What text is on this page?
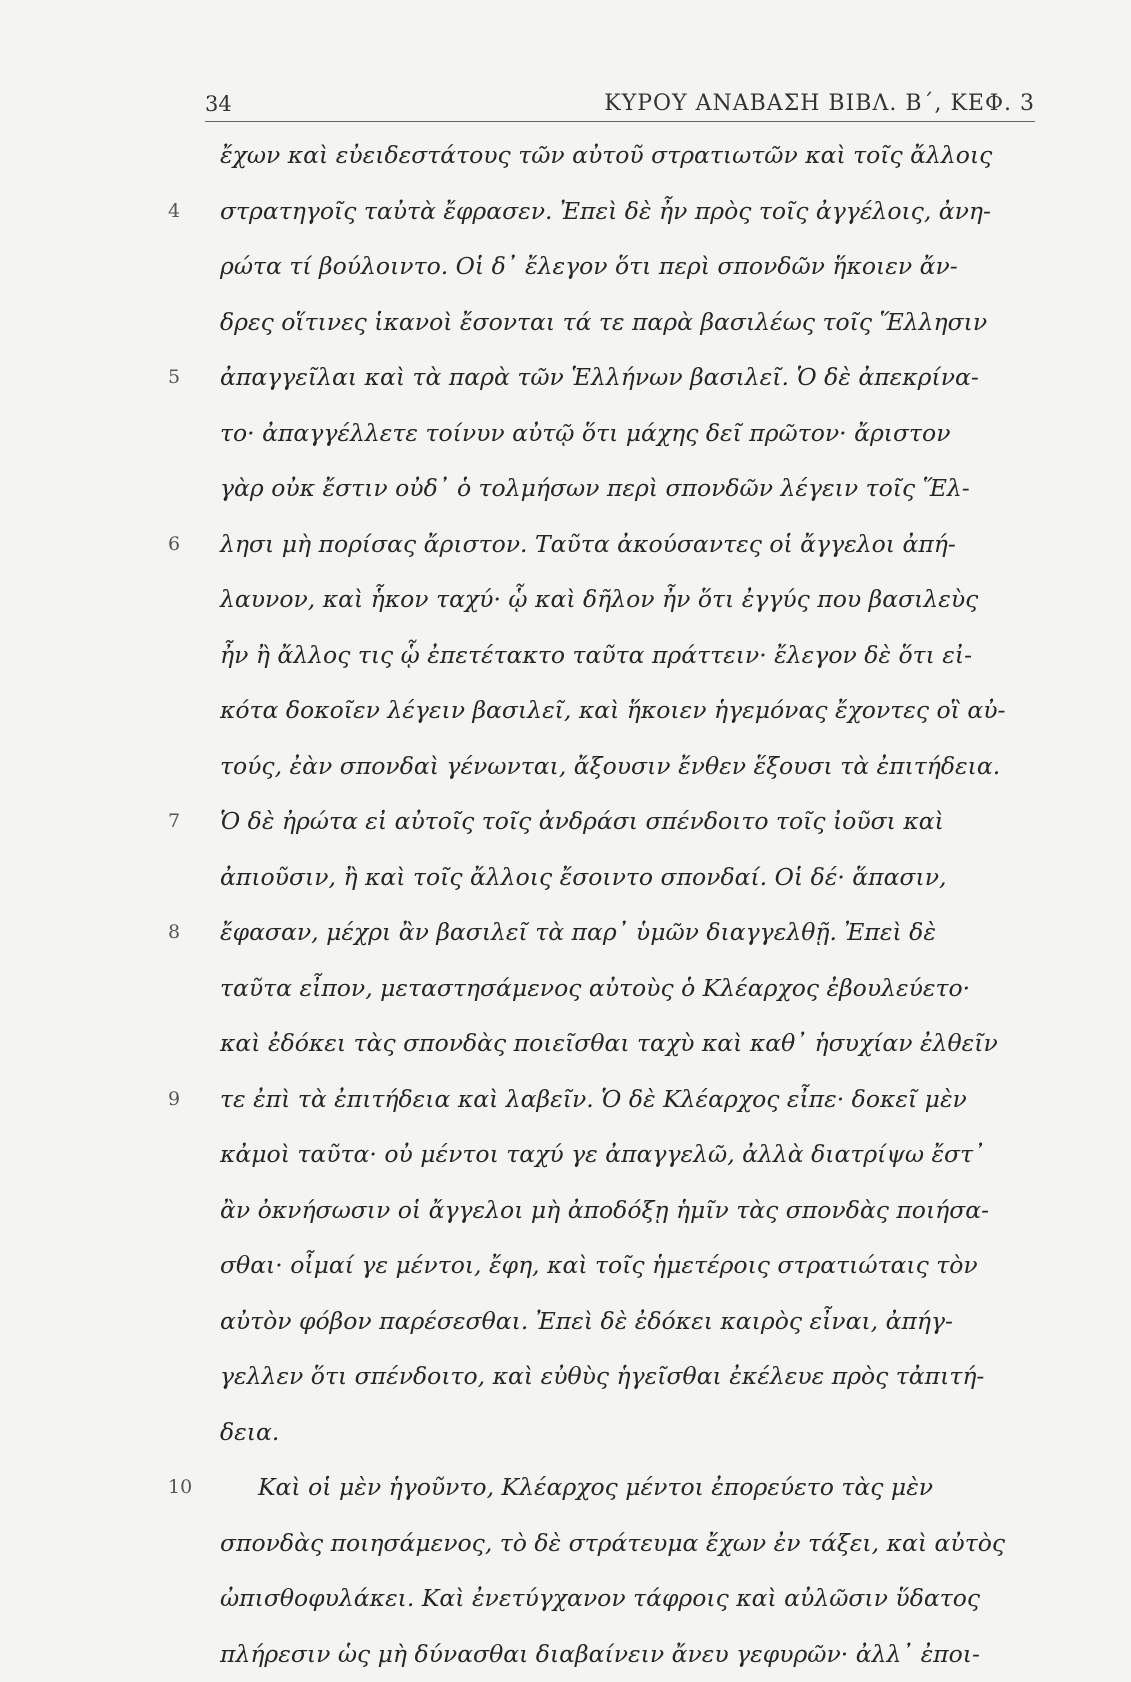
34	ΚΥΡΟΥ ΑΝΑΒΑΣΗ ΒΙΒΛ. Β΄, ΚΕΦ. 3
ἔχων καὶ εὐειδεστάτους τῶν αὐτοῦ στρατιωτῶν καὶ τοῖς ἄλλοις
4 στρατηγοῖς ταὐτὰ ἔφρασεν. Ἐπεὶ δὲ ἦν πρὸς τοῖς ἀγγέλοις, ἀνη-
ρώτα τί βούλοιντο. Οἱ δ᾽ ἔλεγον ὅτι περὶ σπονδῶν ἥκοιεν ἄν-
δρες οἵτινες ἱκανοὶ ἔσονται τά τε παρὰ βασιλέως τοῖς Ἕλλησιν
5 ἀπαγγεῖλαι καὶ τὰ παρὰ τῶν Ἑλλήνων βασιλεῖ. Ὁ δὲ ἀπεκρίνα-
το· ἀπαγγέλλετε τοίνυν αὐτῷ ὅτι μάχης δεῖ πρῶτον· ἄριστον
γὰρ οὐκ ἔστιν οὐδ᾽ ὁ τολμήσων περὶ σπονδῶν λέγειν τοῖς Ἕλ-
6 λησι μὴ πορίσας ἄριστον. Ταῦτα ἀκούσαντες οἱ ἄγγελοι ἀπή-
λαυνον, καὶ ἧκον ταχύ· ᾧ καὶ δῆλον ἦν ὅτι ἐγγύς που βασιλεὺς
ἦν ἢ ἄλλος τις ᾧ ἐπετέτακτο ταῦτα πράττειν· ἔλεγον δὲ ὅτι εἰ-
κότα δοκοῖεν λέγειν βασιλεῖ, καὶ ἥκοιεν ἡγεμόνας ἔχοντες οἳ αὐ-
τούς, ἐὰν σπονδαὶ γένωνται, ἄξουσιν ἔνθεν ἕξουσι τὰ ἐπιτήδεια.
7 Ὁ δὲ ἠρώτα εἰ αὐτοῖς τοῖς ἀνδράσι σπένδοιτο τοῖς ἰοῦσι καὶ
ἀπιοῦσιν, ἢ καὶ τοῖς ἄλλοις ἔσοιντο σπονδαί. Οἱ δέ· ἅπασιν,
8 ἔφασαν, μέχρι ἂν βασιλεῖ τὰ παρ᾽ ὑμῶν διαγγελθῇ. Ἐπεὶ δὲ
ταῦτα εἶπον, μεταστησάμενος αὐτοὺς ὁ Κλέαρχος ἐβουλεύετο·
καὶ ἐδόκει τὰς σπονδὰς ποιεῖσθαι ταχὺ καὶ καθ᾽ ἡσυχίαν ἐλθεῖν
9 τε ἐπὶ τὰ ἐπιτήδεια καὶ λαβεῖν. Ὁ δὲ Κλέαρχος εἶπε· δοκεῖ μὲν
κἀμοὶ ταῦτα· οὐ μέντοι ταχύ γε ἀπαγγελῶ, ἀλλὰ διατρίψω ἔστ᾽
ἂν ὀκνήσωσιν οἱ ἄγγελοι μὴ ἀποδόξῃ ἡμῖν τὰς σπονδὰς ποιήσα-
σθαι· οἶμαί γε μέντοι, ἔφη, καὶ τοῖς ἡμετέροις στρατιώταις τὸν
αὐτὸν φόβον παρέσεσθαι. Ἐπεὶ δὲ ἐδόκει καιρὸς εἶναι, ἀπήγ-
γελλεν ὅτι σπένδοιτο, καὶ εὐθὺς ἡγεῖσθαι ἐκέλευε πρὸς τἀπιτή-
δεια.
10	Καὶ οἱ μὲν ἡγοῦντο, Κλέαρχος μέντοι ἐπορεύετο τὰς μὲν
σπονδὰς ποιησάμενος, τὸ δὲ στράτευμα ἔχων ἐν τάξει, καὶ αὐτὸς
ὠπισθοφυλάκει. Καὶ ἐνετύγχανον τάφροις καὶ αὐλῶσιν ὕδατος
πλήρεσιν ὡς μὴ δύνασθαι διαβαίνειν ἄνευ γεφυρῶν· ἀλλ᾽ ἐποι-
